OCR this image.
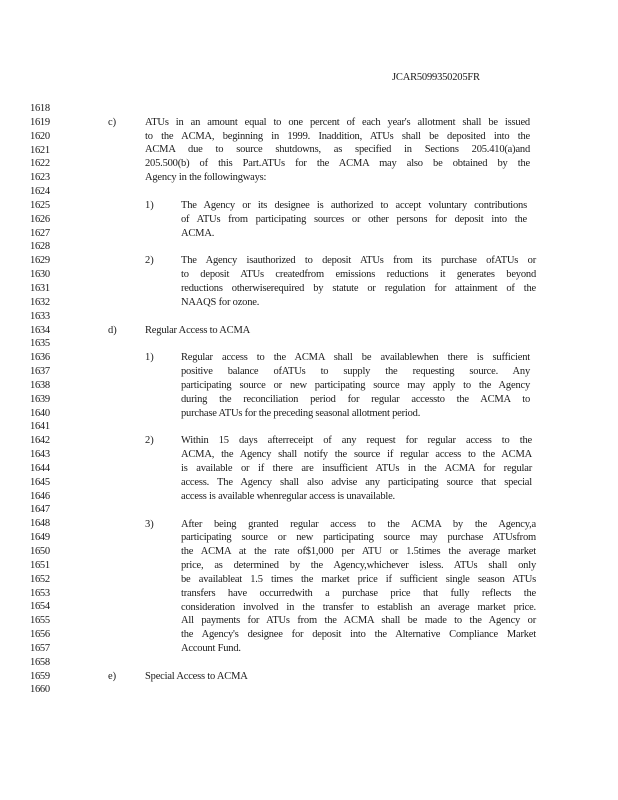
JCAR5099350205FR
1618
1619
1620
1621
1622
1623
1624
1625
1626
1627
1628
1629
1630
1631
1632
1633
1634
1635
1636
1637
1638
1639
1640
1641
1642
1643
1644
1645
1646
1647
1648
1649
1650
1651
1652
1653
1654
1655
1656
1657
1658
1659
1660
c)	ATUs in an amount equal to one percent of each year's allotment shall be issued
to the ACMA, beginning in 1999. Inaddition, ATUs shall be deposited into the
ACMA due to source shutdowns, as specified in Sections 205.410(a)and
205.500(b) of this Part.ATUs for the ACMA may also be obtained by the
Agency in the followingways:
1)	The Agency or its designee is authorized to accept voluntary contributions
of ATUs from participating sources or other persons for deposit into the
ACMA.
2)	The Agency isauthorized to deposit ATUs from its purchase ofATUs or
to deposit ATUs createdfrom emissions reductions it generates beyond
reductions otherwiserequired by statute or regulation for attainment of the
NAAQS for ozone.
d)	Regular Access to ACMA
1)	Regular access to the ACMA shall be availablewhen there is sufficient
positive balance ofATUs to supply the requesting source. Any
participating source or new participating source may apply to the Agency
during the reconciliation period for regular accessto the ACMA to
purchase ATUs for the preceding seasonal allotment period.
2)	Within 15 days afterreceipt of any request for regular access to the
ACMA, the Agency shall notify the source if regular access to the ACMA
is available or if there are insufficient ATUs in the ACMA for regular
access. The Agency shall also advise any participating source that special
access is available whenregular access is unavailable.
3)	After being granted regular access to the ACMA by the Agency,a
participating source or new participating source may purchase ATUsfrom
the ACMA at the rate of$1,000 per ATU or 1.5times the average market
price, as determined by the Agency,whichever isless. ATUs shall only
be availableat 1.5 times the market price if sufficient single season ATUs
transfers have occurredwith a purchase price that fully reflects the
consideration involved in the transfer to establish an average market price.
All payments for ATUs from the ACMA shall be made to the Agency or
the Agency's designee for deposit into the Alternative Compliance Market
Account Fund.
e)	Special Access to ACMA
